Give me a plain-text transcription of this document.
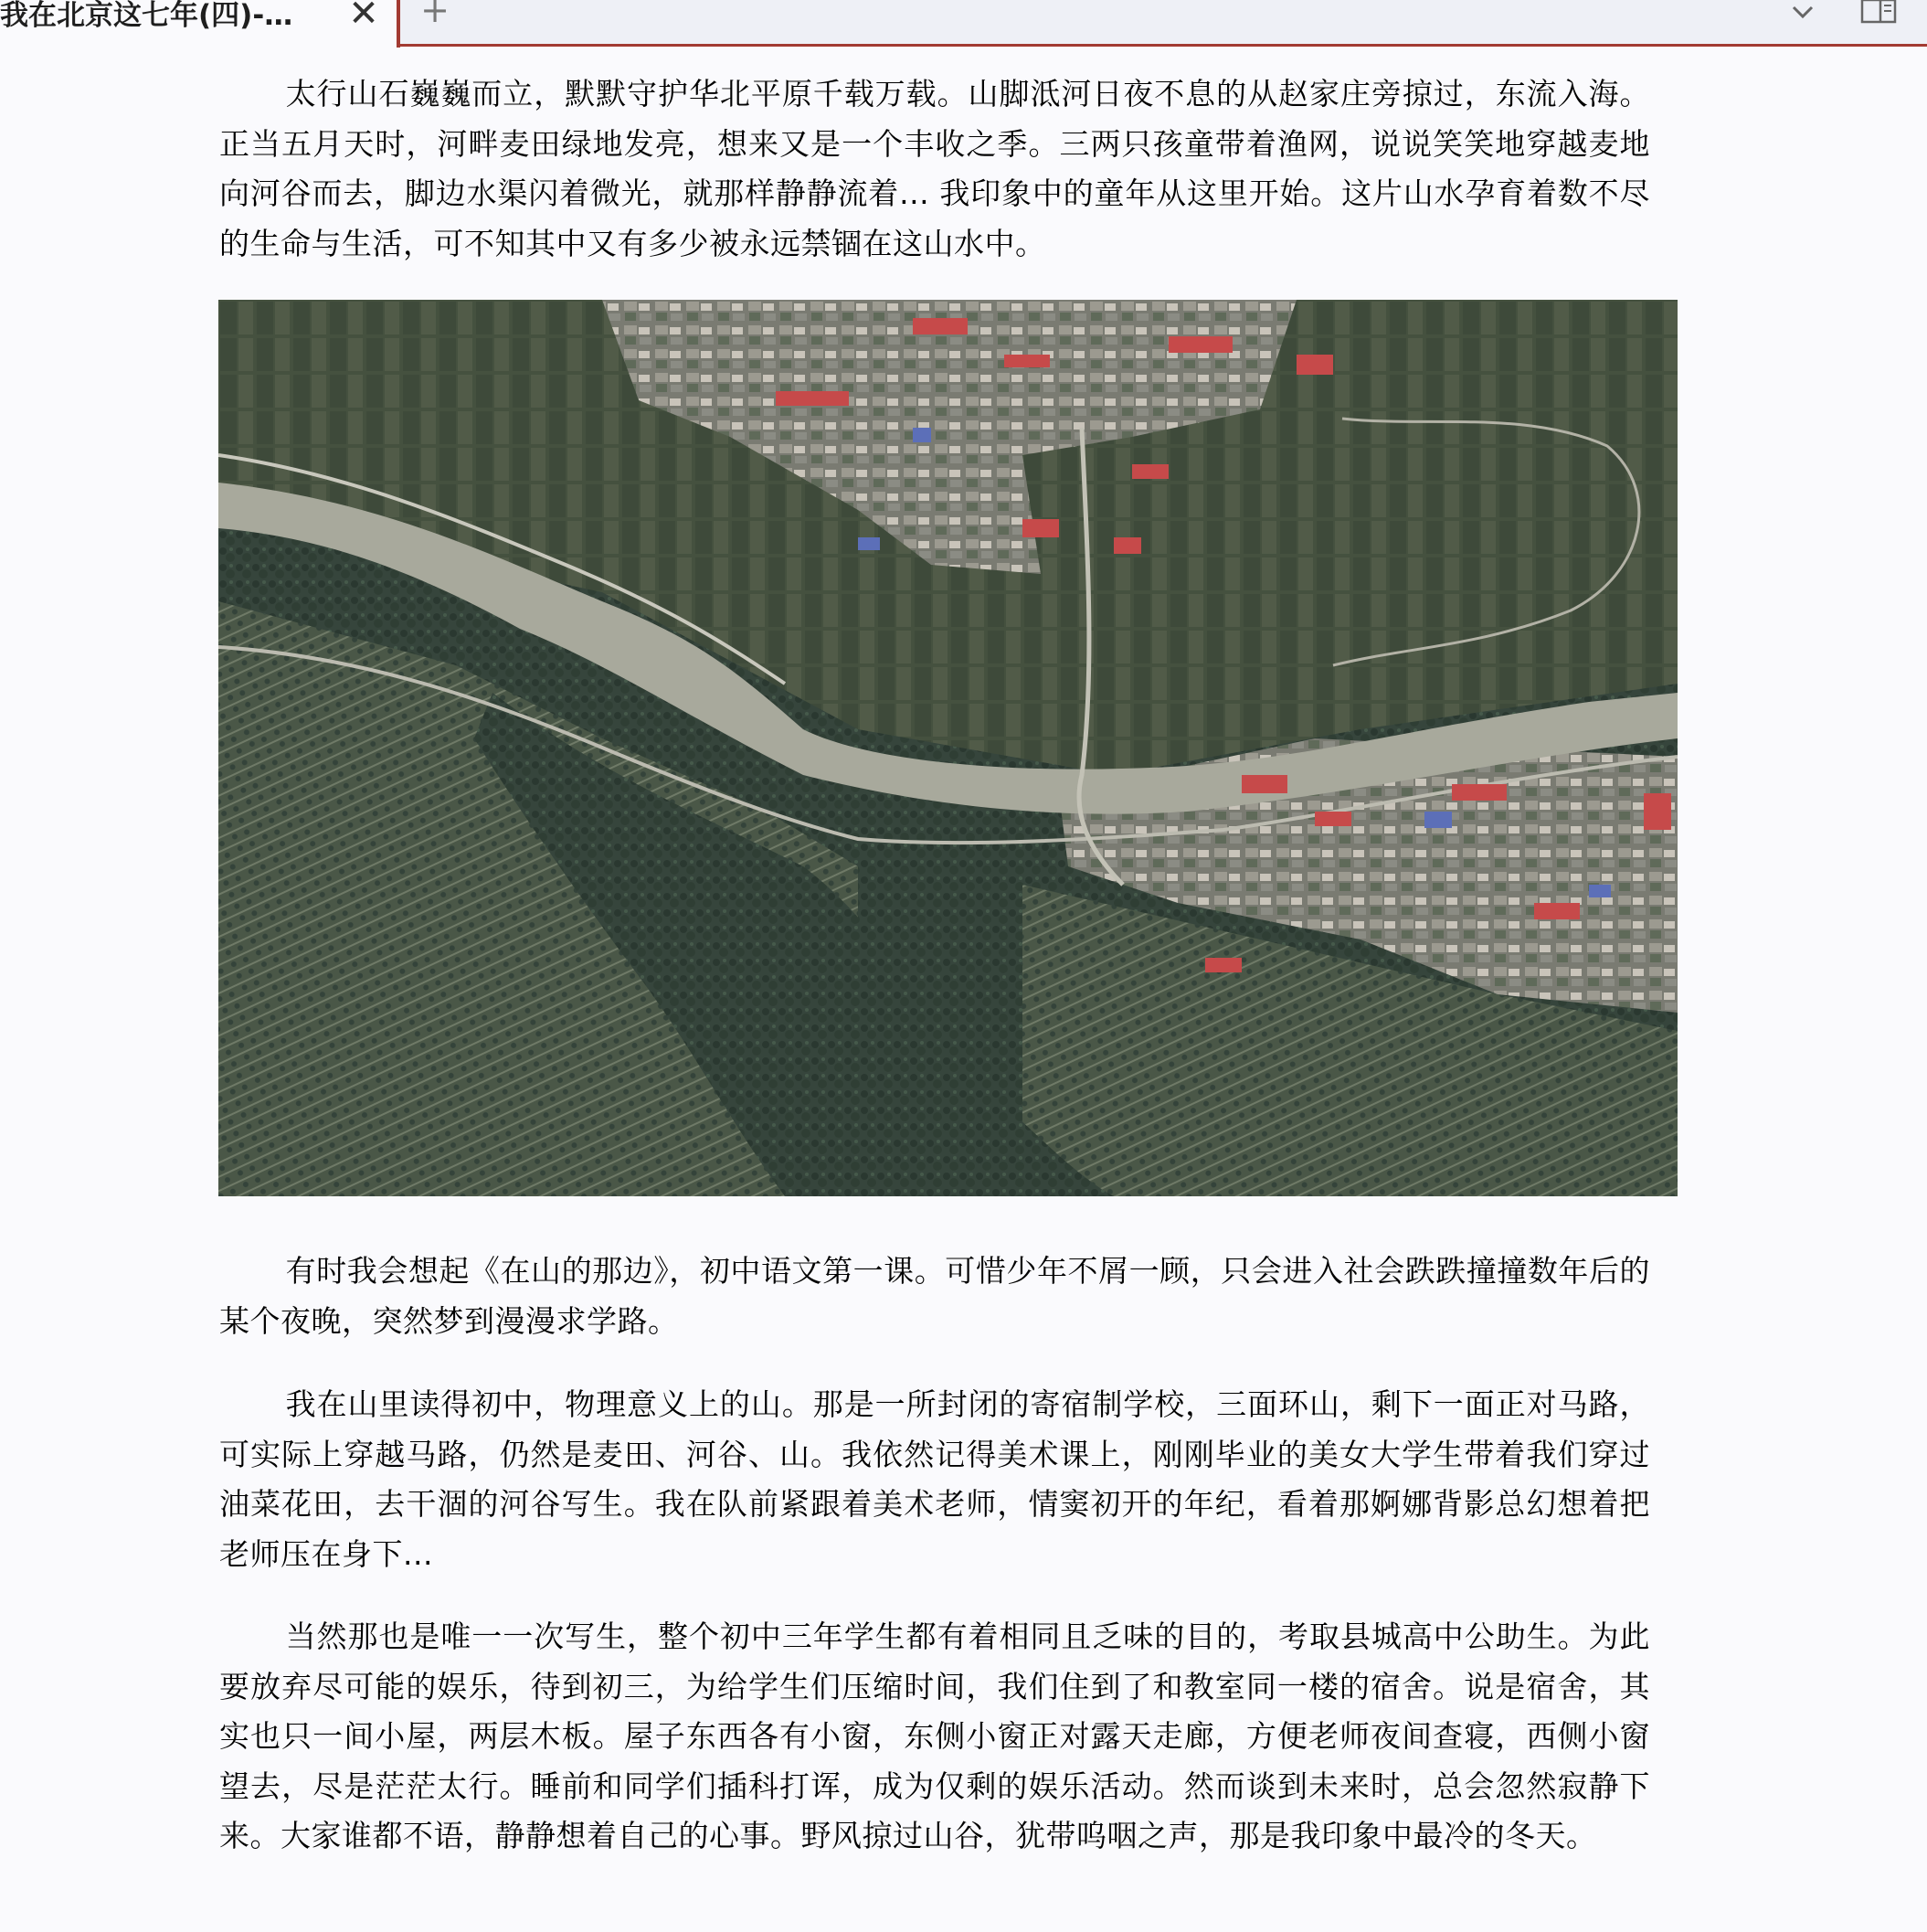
我在北京这七年(四)-…	✕ +

太行山石巍巍而立，默默守护华北平原千载万载。山脚泜河日夜不息的从赵家庄旁掠过，东流入海。正当五月天时，河畔麦田绿地发亮，想来又是一个丰收之季。三两只孩童带着渔网，说说笑笑地穿越麦地向河谷而去，脚边水渠闪着微光，就那样静静流着... 我印象中的童年从这里开始。这片山水孕育着数不尽的生命与生活，可不知其中又有多少被永远禁锢在这山水中。

有时我会想起《在山的那边》，初中语文第一课。可惜少年不屑一顾，只会进入社会跌跌撞撞数年后的某个夜晚，突然梦到漫漫求学路。

我在山里读得初中，物理意义上的山。那是一所封闭的寄宿制学校，三面环山，剩下一面正对马路，可实际上穿越马路，仍然是麦田、河谷、山。我依然记得美术课上，刚刚毕业的美女大学生带着我们穿过油菜花田，去干涸的河谷写生。我在队前紧跟着美术老师，情窦初开的年纪，看着那婀娜背影总幻想着把老师压在身下...

当然那也是唯一一次写生，整个初中三年学生都有着相同且乏味的目的，考取县城高中公助生。为此要放弃尽可能的娱乐，待到初三，为给学生们压缩时间，我们住到了和教室同一楼的宿舍。说是宿舍，其实也只一间小屋，两层木板。屋子东西各有小窗，东侧小窗正对露天走廊，方便老师夜间查寝，西侧小窗望去，尽是茫茫太行。睡前和同学们插科打诨，成为仅剩的娱乐活动。然而谈到未来时，总会忽然寂静下来。大家谁都不语，静静想着自己的心事。野风掠过山谷，犹带呜咽之声，那是我印象中最冷的冬天。
